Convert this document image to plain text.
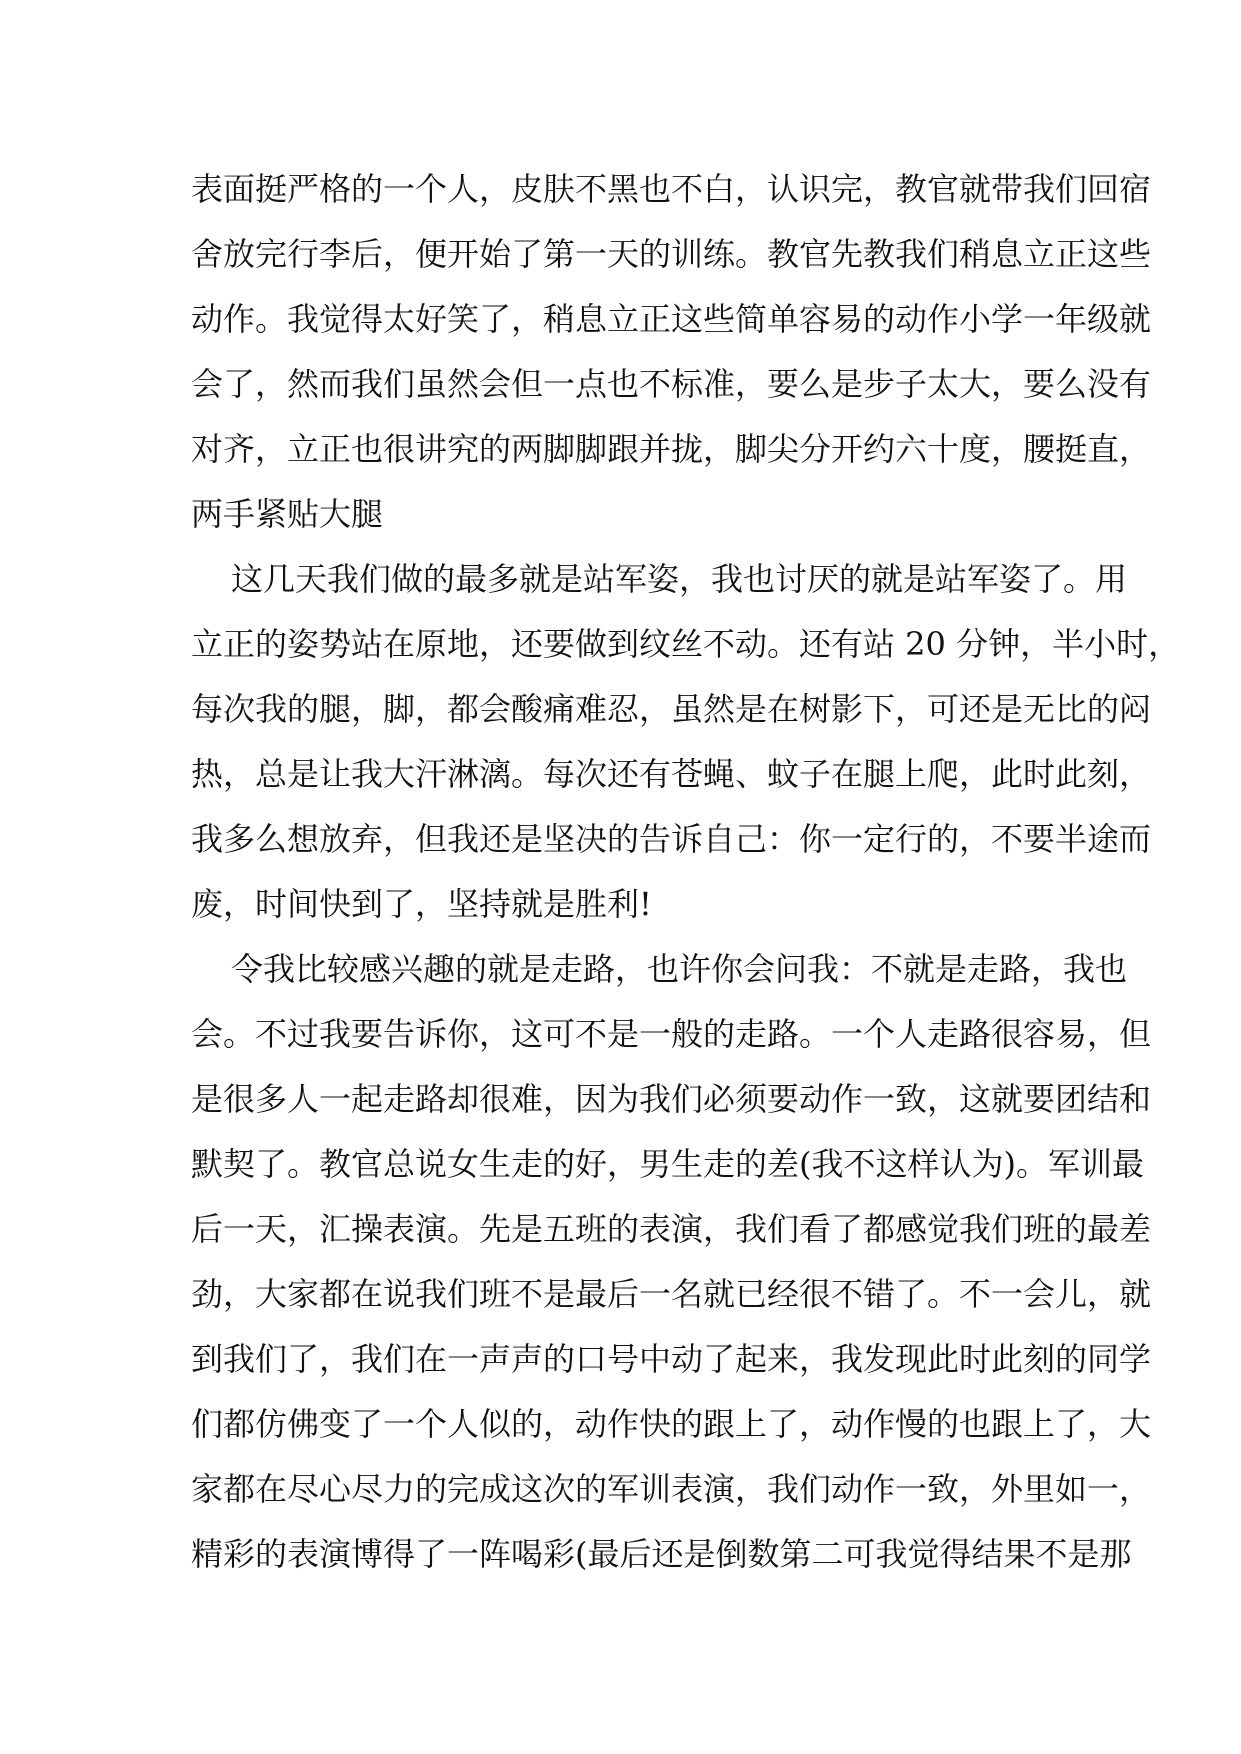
表面挺严格的一个人，皮肤不黑也不白，认识完，教官就带我们回宿
舍放完行李后，便开始了第一天的训练。教官先教我们稍息立正这些
动作。我觉得太好笑了，稍息立正这些简单容易的动作小学一年级就
会了，然而我们虽然会但一点也不标准，要么是步子太大，要么没有
对齐，立正也很讲究的两脚脚跟并拢，脚尖分开约六十度，腰挺直，
两手紧贴大腿
这几天我们做的最多就是站军姿，我也讨厌的就是站军姿了。用
立正的姿势站在原地，还要做到纹丝不动。还有站 20 分钟，半小时，
每次我的腿，脚，都会酸痛难忍，虽然是在树影下，可还是无比的闷
热，总是让我大汗淋漓。每次还有苍蝇、蚊子在腿上爬，此时此刻，
我多么想放弃，但我还是坚决的告诉自己：你一定行的，不要半途而
废，时间快到了，坚持就是胜利!
令我比较感兴趣的就是走路，也许你会问我：不就是走路，我也
会。不过我要告诉你，这可不是一般的走路。一个人走路很容易，但
是很多人一起走路却很难，因为我们必须要动作一致，这就要团结和
默契了。教官总说女生走的好，男生走的差(我不这样认为)。军训最
后一天，汇操表演。先是五班的表演，我们看了都感觉我们班的最差
劲，大家都在说我们班不是最后一名就已经很不错了。不一会儿，就
到我们了，我们在一声声的口号中动了起来，我发现此时此刻的同学
们都仿佛变了一个人似的，动作快的跟上了，动作慢的也跟上了，大
家都在尽心尽力的完成这次的军训表演，我们动作一致，外里如一，
精彩的表演博得了一阵喝彩(最后还是倒数第二可我觉得结果不是那
